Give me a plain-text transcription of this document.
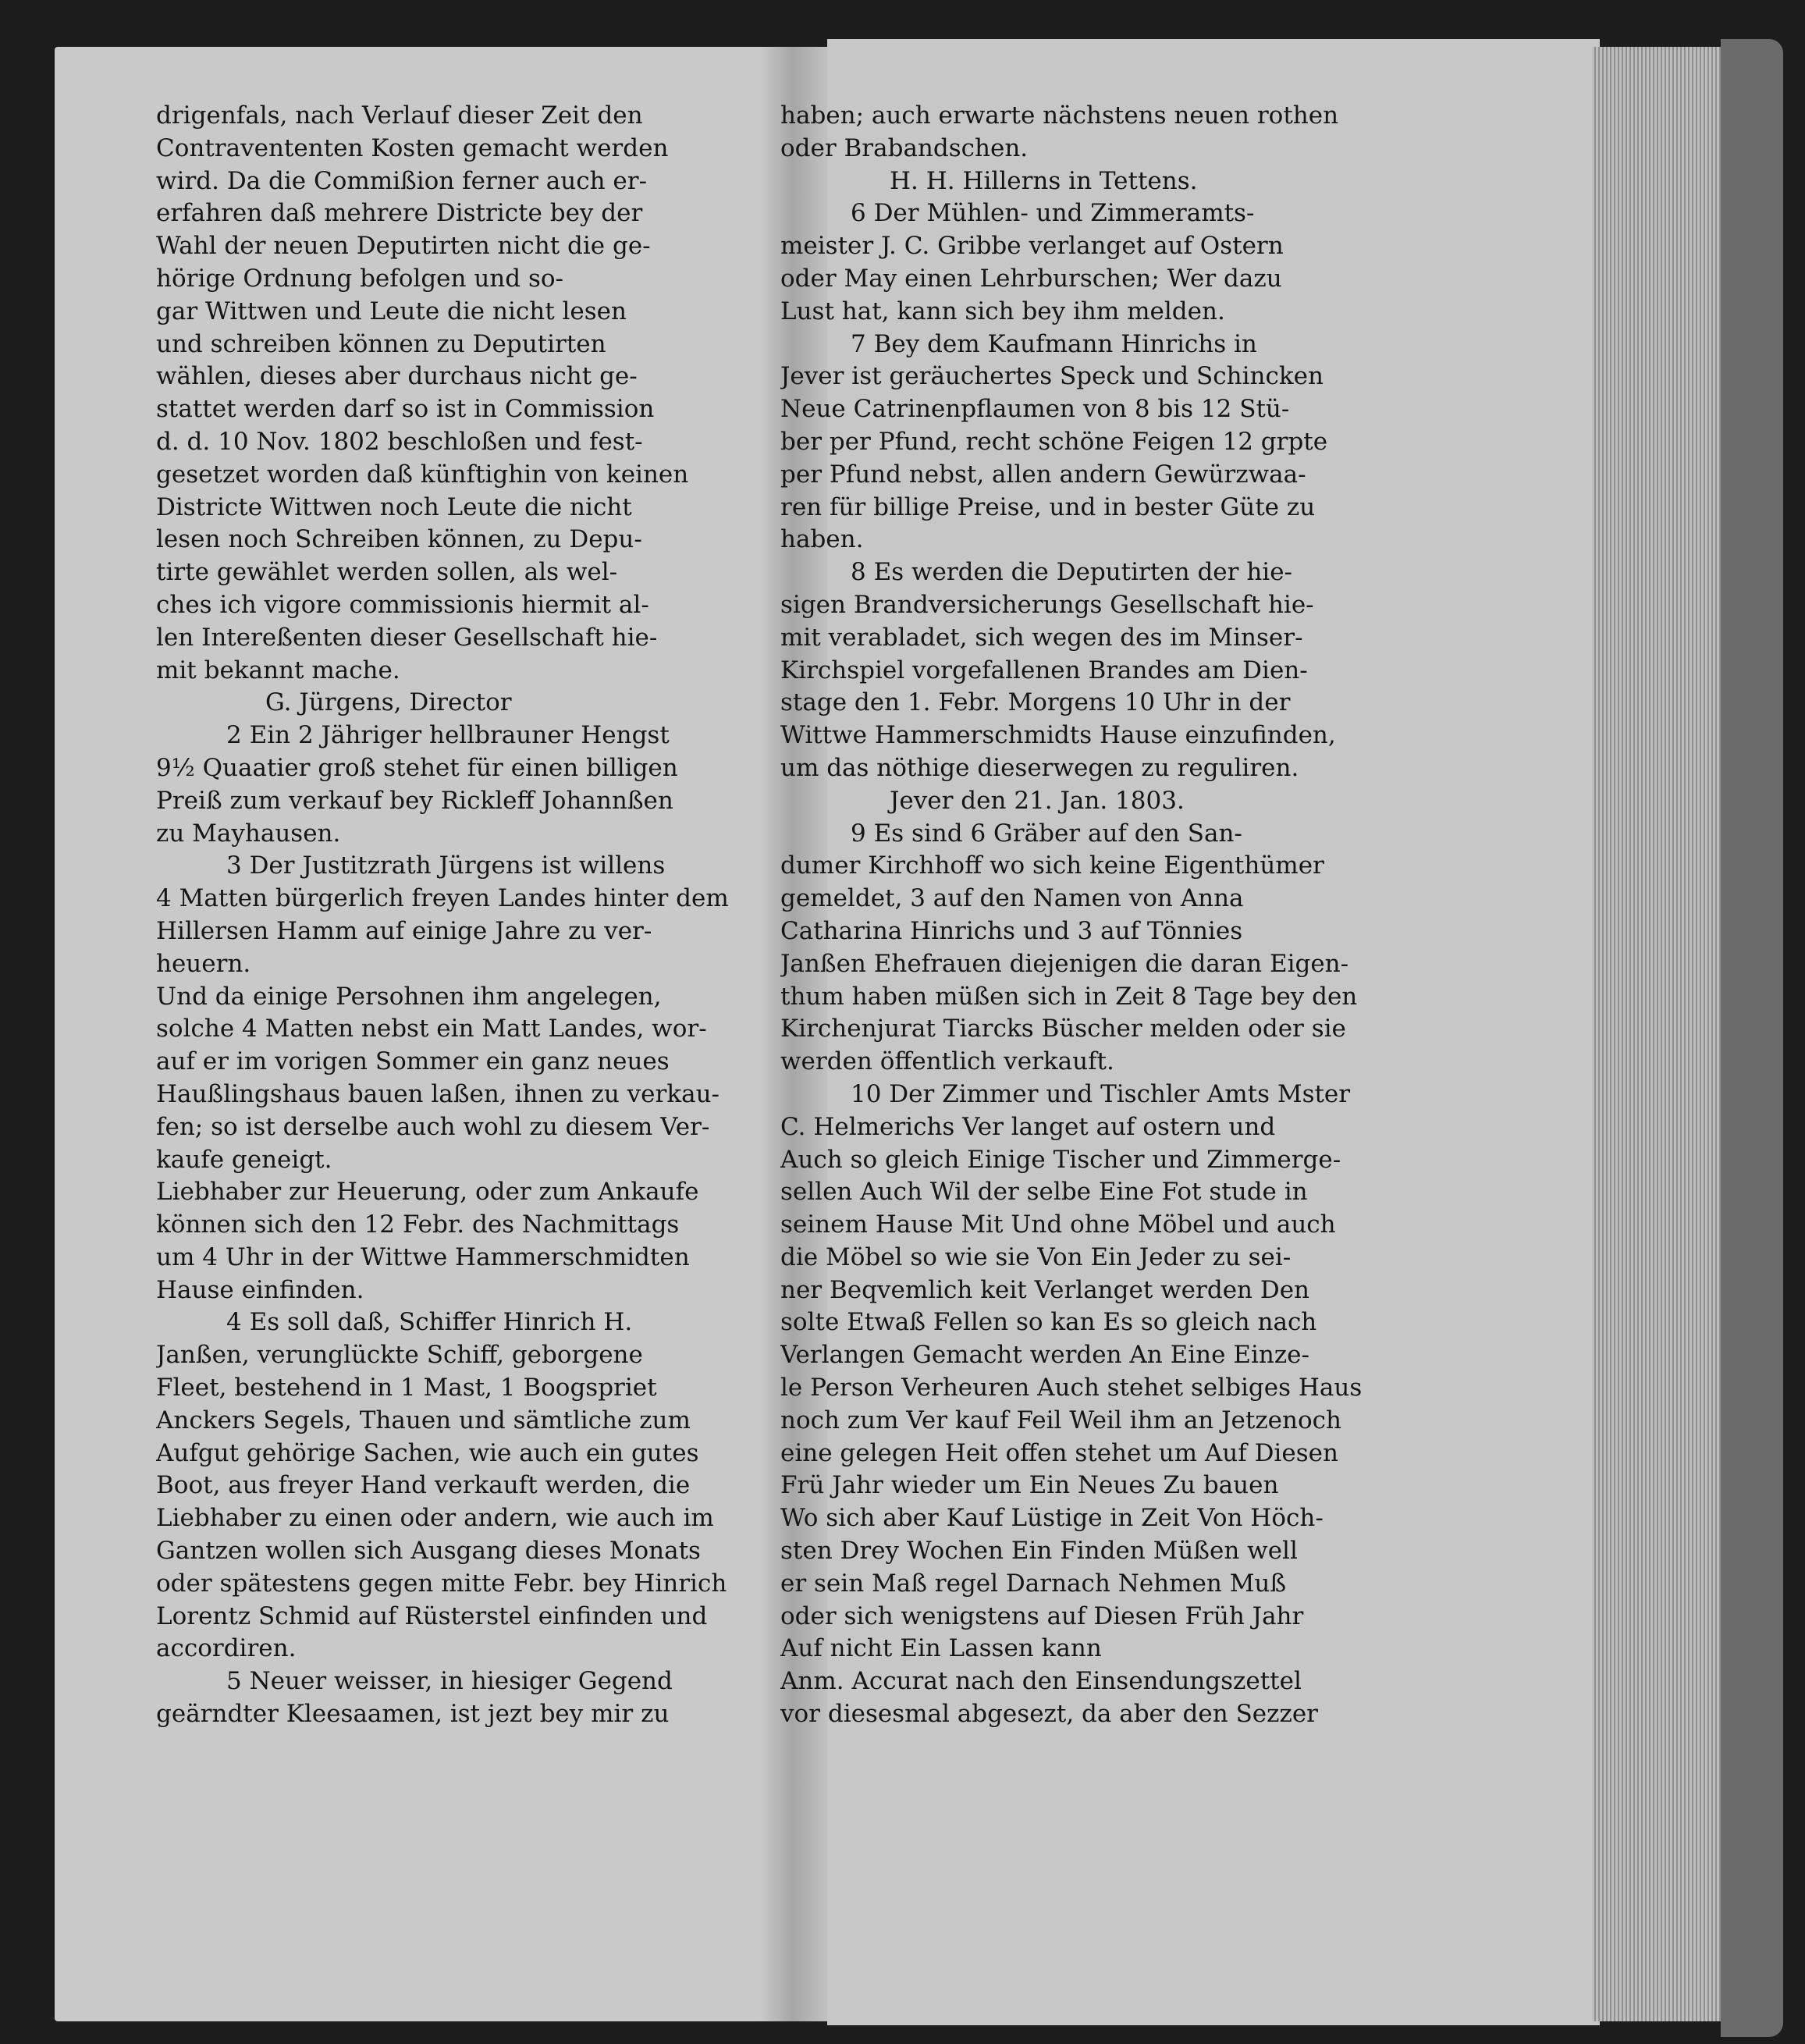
drigenfals, nach Verlauf dieser Zeit den
Contravententen Kosten gemacht werden
wird. Da die Commißion ferner auch er-
erfahren daß mehrere Districte bey der
Wahl der neuen Deputirten nicht die ge-
hörige Ordnung befolgen und so-
gar Wittwen und Leute die nicht lesen
und schreiben können zu Deputirten
wählen, dieses aber durchaus nicht ge-
stattet werden darf so ist in Commission
d. d. 10 Nov. 1802 beschloßen und fest-
gesetzet worden daß künftighin von keinen
Districte Wittwen noch Leute die nicht
lesen noch Schreiben können, zu Depu-
tirte gewählet werden sollen, als wel-
ches ich vigore commissionis hiermit al-
len Intereßenten dieser Gesellschaft hie-
mit bekannt mache.
G. Jürgens, Director
2 Ein 2 Jähriger hellbrauner Hengst
9½ Quaatier groß stehet für einen billigen
Preiß zum verkauf bey Rickleff Johannßen
zu Mayhausen.
3 Der Justitzrath Jürgens ist willens
4 Matten bürgerlich freyen Landes hinter dem
Hillersen Hamm auf einige Jahre zu ver-
heuern.
Und da einige Persohnen ihm angelegen,
solche 4 Matten nebst ein Matt Landes, wor-
auf er im vorigen Sommer ein ganz neues
Haußlingshaus bauen laßen, ihnen zu verkau-
fen; so ist derselbe auch wohl zu diesem Ver-
kaufe geneigt.
Liebhaber zur Heuerung, oder zum Ankaufe
können sich den 12 Febr. des Nachmittags
um 4 Uhr in der Wittwe Hammerschmidten
Hause einfinden.
4 Es soll daß, Schiffer Hinrich H.
Janßen, verunglückte Schiff, geborgene
Fleet, bestehend in 1 Mast, 1 Boogspriet
Anckers Segels, Thauen und sämtliche zum
Aufgut gehörige Sachen, wie auch ein gutes
Boot, aus freyer Hand verkauft werden, die
Liebhaber zu einen oder andern, wie auch im
Gantzen wollen sich Ausgang dieses Monats
oder spätestens gegen mitte Febr. bey Hinrich
Lorentz Schmid auf Rüsterstel einfinden und
accordiren.
5 Neuer weisser, in hiesiger Gegend
geärndter Kleesaamen, ist jezt bey mir zu
haben; auch erwarte nächstens neuen rothen
oder Brabandschen.
H. H. Hillerns in Tettens.
6 Der Mühlen- und Zimmeramts-
meister J. C. Gribbe verlanget auf Ostern
oder May einen Lehrburschen; Wer dazu
Lust hat, kann sich bey ihm melden.
7 Bey dem Kaufmann Hinrichs in
Jever ist geräuchertes Speck und Schincken
Neue Catrinenpflaumen von 8 bis 12 Stü-
ber per Pfund, recht schöne Feigen 12 grpte
per Pfund nebst, allen andern Gewürzwaa-
ren für billige Preise, und in bester Güte zu
haben.
8 Es werden die Deputirten der hie-
sigen Brandversicherungs Gesellschaft hie-
mit verabladet, sich wegen des im Minser-
Kirchspiel vorgefallenen Brandes am Dien-
stage den 1. Febr. Morgens 10 Uhr in der
Wittwe Hammerschmidts Hause einzufinden,
um das nöthige dieserwegen zu reguliren.
Jever den 21. Jan. 1803.
9 Es sind 6 Gräber auf den San-
dumer Kirchhoff wo sich keine Eigenthümer
gemeldet, 3 auf den Namen von Anna
Catharina Hinrichs und 3 auf Tönnies
Janßen Ehefrauen diejenigen die daran Eigen-
thum haben müßen sich in Zeit 8 Tage bey den
Kirchenjurat Tiarcks Büscher melden oder sie
werden öffentlich verkauft.
10 Der Zimmer und Tischler Amts Mster
C. Helmerichs Ver langet auf ostern und
Auch so gleich Einige Tischer und Zimmerge-
sellen Auch Wil der selbe Eine Fot stude in
seinem Hause Mit Und ohne Möbel und auch
die Möbel so wie sie Von Ein Jeder zu sei-
ner Beqvemlich keit Verlanget werden Den
solte Etwaß Fellen so kan Es so gleich nach
Verlangen Gemacht werden An Eine Einze-
le Person Verheuren Auch stehet selbiges Haus
noch zum Ver kauf Feil Weil ihm an Jetzenoch
eine gelegen Heit offen stehet um Auf Diesen
Frü Jahr wieder um Ein Neues Zu bauen
Wo sich aber Kauf Lüstige in Zeit Von Höch-
sten Drey Wochen Ein Finden Müßen well
er sein Maß regel Darnach Nehmen Muß
oder sich wenigstens auf Diesen Früh Jahr
Auf nicht Ein Lassen kann
Anm. Accurat nach den Einsendungszettel
vor diesesmal abgesezt, da aber den Sezzer
